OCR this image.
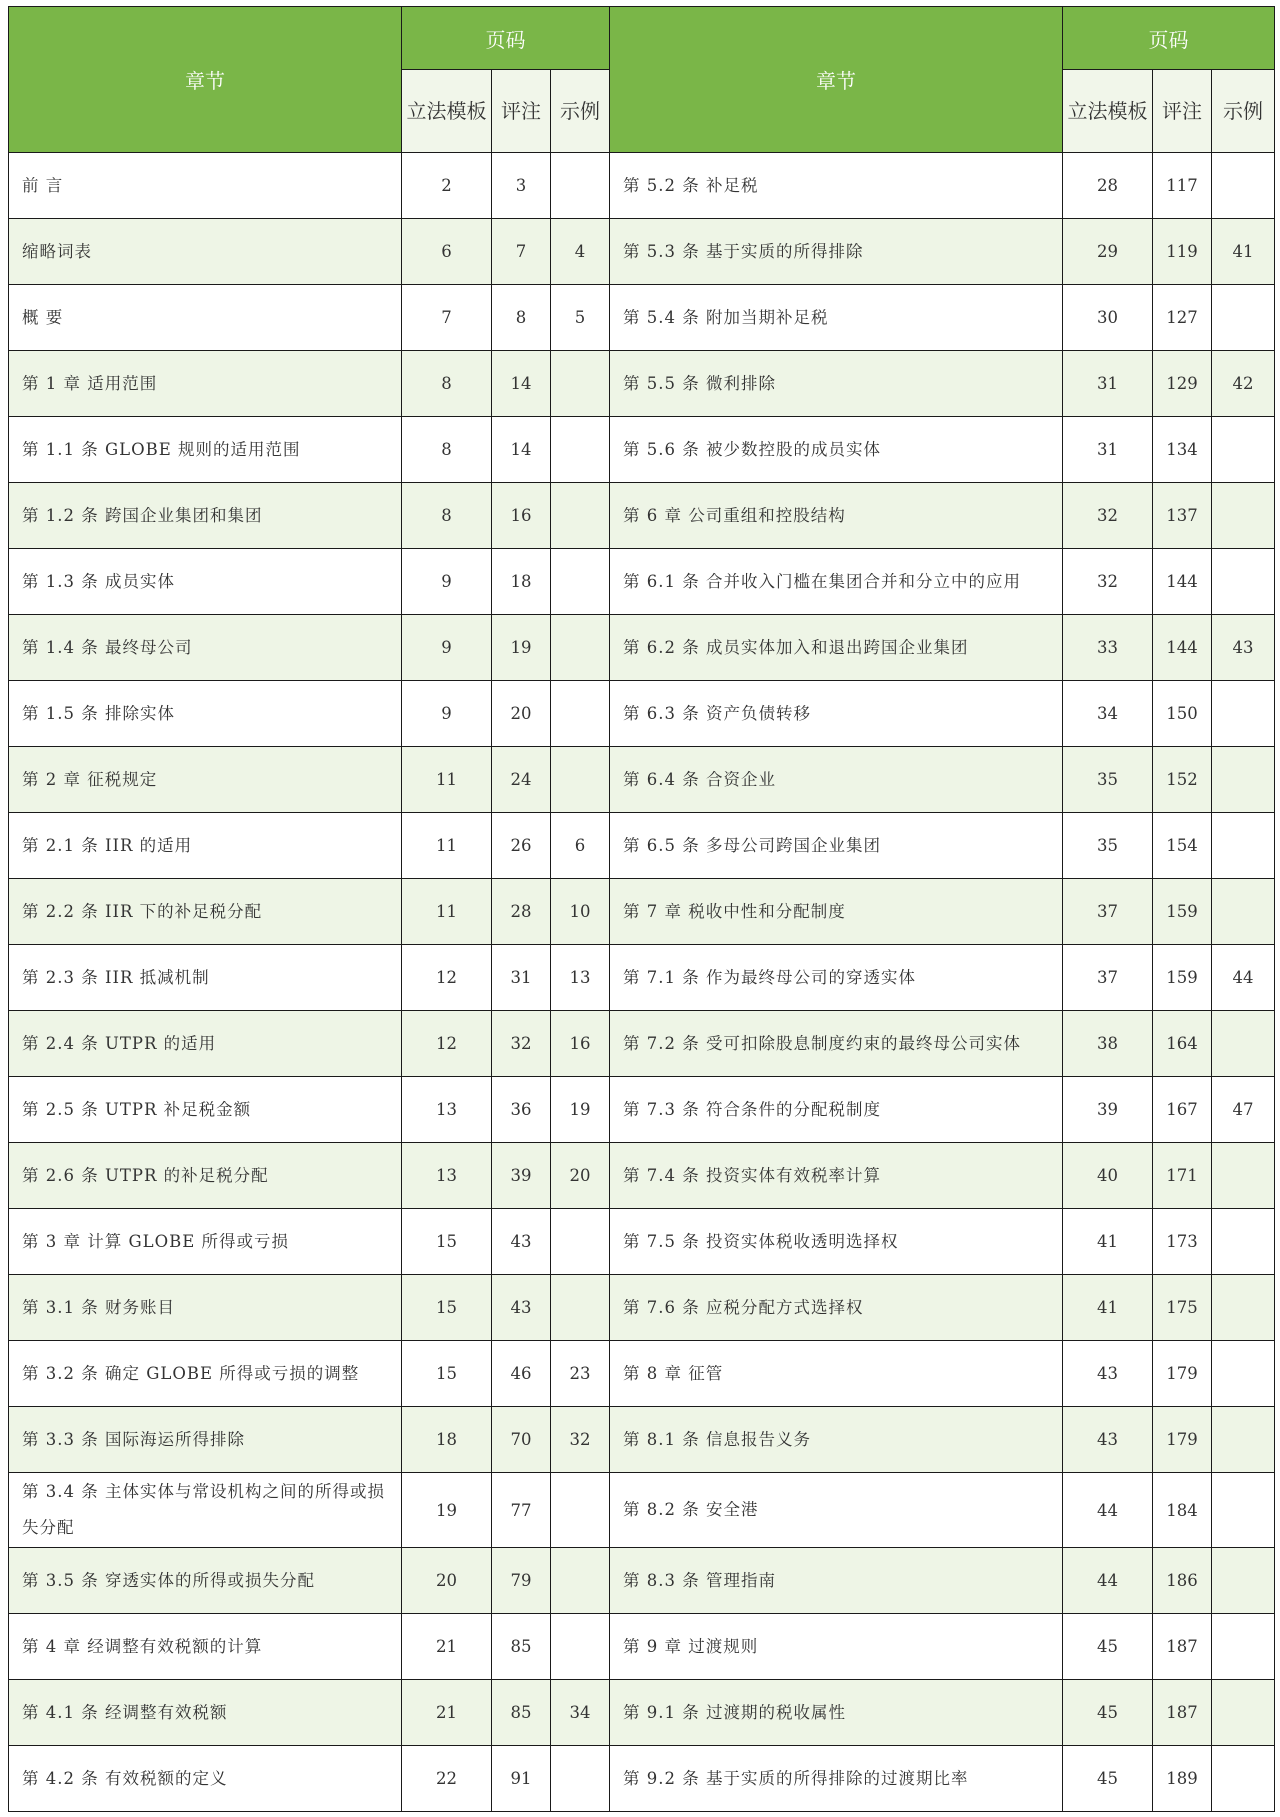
章节	页码			章节	页码		
	立法模板	评注	示例		立法模板	评注	示例
前 言	2	3		第 5.2 条 补足税	28	117	
缩略词表	6	7	4	第 5.3 条 基于实质的所得排除	29	119	41
概 要	7	8	5	第 5.4 条 附加当期补足税	30	127	
第 1 章 适用范围	8	14		第 5.5 条 微利排除	31	129	42
第 1.1 条 GLOBE 规则的适用范围	8	14		第 5.6 条 被少数控股的成员实体	31	134	
第 1.2 条 跨国企业集团和集团	8	16		第 6 章 公司重组和控股结构	32	137	
第 1.3 条 成员实体	9	18		第 6.1 条 合并收入门槛在集团合并和分立中的应用	32	144	
第 1.4 条 最终母公司	9	19		第 6.2 条 成员实体加入和退出跨国企业集团	33	144	43
第 1.5 条 排除实体	9	20		第 6.3 条 资产负债转移	34	150	
第 2 章 征税规定	11	24		第 6.4 条 合资企业	35	152	
第 2.1 条 IIR 的适用	11	26	6	第 6.5 条 多母公司跨国企业集团	35	154	
第 2.2 条 IIR 下的补足税分配	11	28	10	第 7 章 税收中性和分配制度	37	159	
第 2.3 条 IIR 抵减机制	12	31	13	第 7.1 条 作为最终母公司的穿透实体	37	159	44
第 2.4 条 UTPR 的适用	12	32	16	第 7.2 条 受可扣除股息制度约束的最终母公司实体	38	164	
第 2.5 条 UTPR 补足税金额	13	36	19	第 7.3 条 符合条件的分配税制度	39	167	47
第 2.6 条 UTPR 的补足税分配	13	39	20	第 7.4 条 投资实体有效税率计算	40	171	
第 3 章 计算 GLOBE 所得或亏损	15	43		第 7.5 条 投资实体税收透明选择权	41	173	
第 3.1 条 财务账目	15	43		第 7.6 条 应税分配方式选择权	41	175	
第 3.2 条 确定 GLOBE 所得或亏损的调整	15	46	23	第 8 章 征管	43	179	
第 3.3 条 国际海运所得排除	18	70	32	第 8.1 条 信息报告义务	43	179	
第 3.4 条 主体实体与常设机构之间的所得或损失分配	19	77		第 8.2 条 安全港	44	184	
第 3.5 条 穿透实体的所得或损失分配	20	79		第 8.3 条 管理指南	44	186	
第 4 章 经调整有效税额的计算	21	85		第 9 章 过渡规则	45	187	
第 4.1 条 经调整有效税额	21	85	34	第 9.1 条 过渡期的税收属性	45	187	
第 4.2 条 有效税额的定义	22	91		第 9.2 条 基于实质的所得排除的过渡期比率	45	189	
